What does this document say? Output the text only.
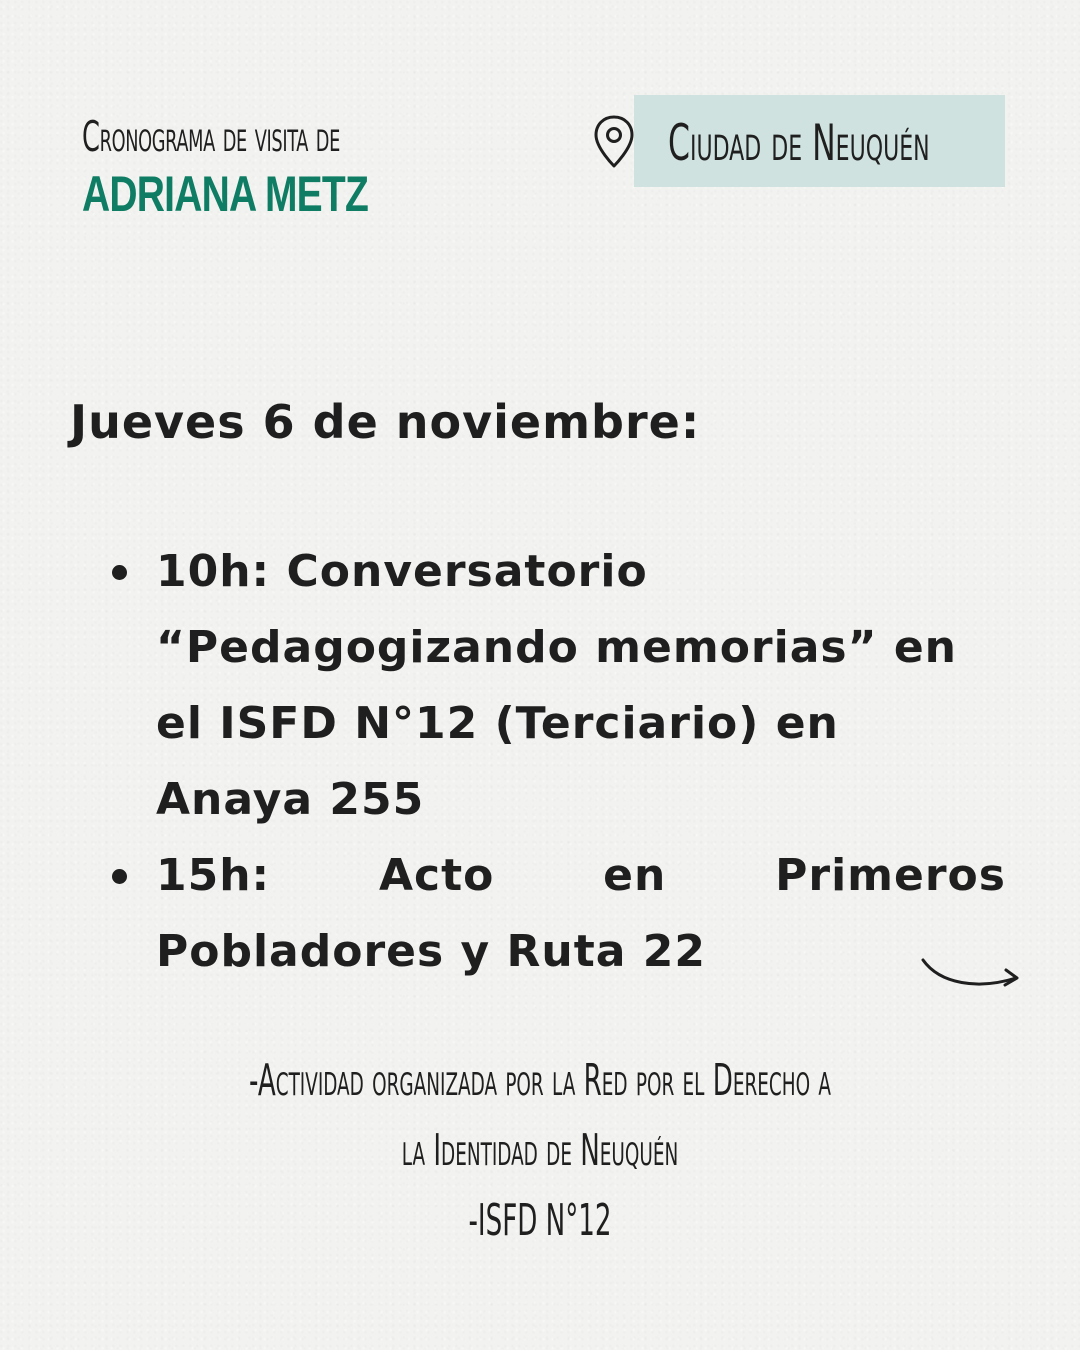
Cronograma de visita de
ADRIANA METZ
Ciudad de Neuquén
Jueves 6 de noviembre:
10h: Conversatorio
“Pedagogizando memorias” en
el ISFD N°12 (Terciario) en
Anaya 255
15h: Acto en Primeros
Pobladores y Ruta 22
-Actividad organizada por la Red por el Derecho a
la Identidad de Neuquén
-ISFD N°12
